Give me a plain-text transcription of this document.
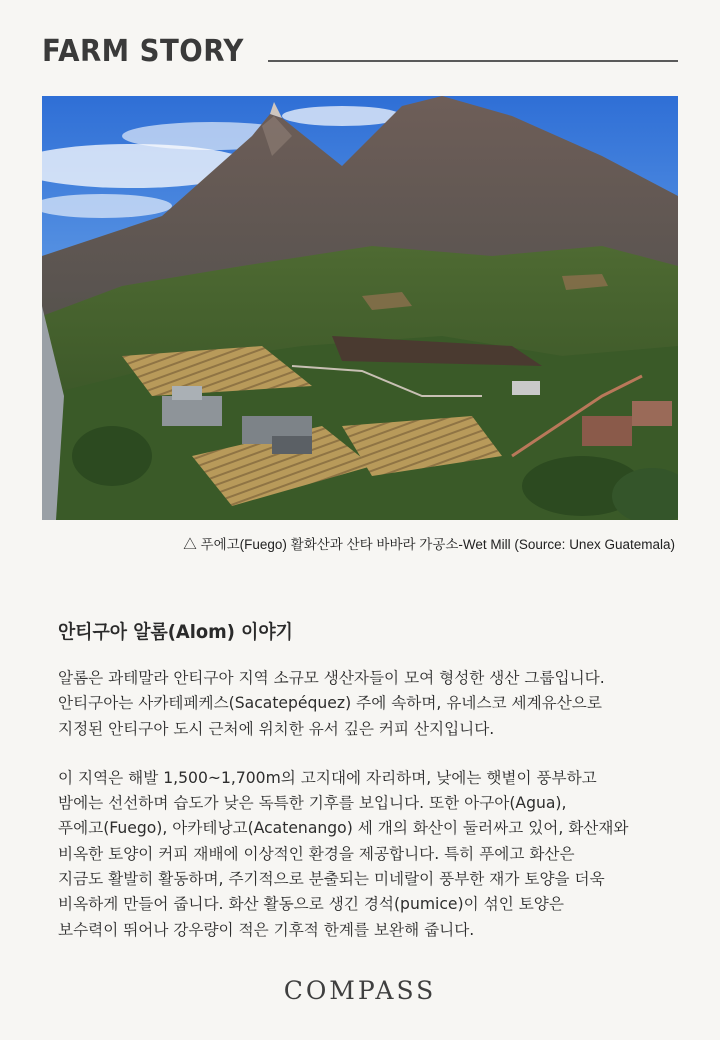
FARM STORY
△ 푸에고(Fuego) 활화산과 산타 바바라 가공소-Wet Mill (Source: Unex Guatemala)
안티구아 알롬(Alom) 이야기
알롬은 과테말라 안티구아 지역 소규모 생산자들이 모여 형성한 생산 그룹입니다.
안티구아는 사카테페케스(Sacatepéquez) 주에 속하며, 유네스코 세계유산으로
지정된 안티구아 도시 근처에 위치한 유서 깊은 커피 산지입니다.
이 지역은 해발 1,500~1,700m의 고지대에 자리하며, 낮에는 햇볕이 풍부하고
밤에는 선선하며 습도가 낮은 독특한 기후를 보입니다. 또한 아구아(Agua),
푸에고(Fuego), 아카테낭고(Acatenango) 세 개의 화산이 둘러싸고 있어, 화산재와
비옥한 토양이 커피 재배에 이상적인 환경을 제공합니다. 특히 푸에고 화산은
지금도 활발히 활동하며, 주기적으로 분출되는 미네랄이 풍부한 재가 토양을 더욱
비옥하게 만들어 줍니다. 화산 활동으로 생긴 경석(pumice)이 섞인 토양은
보수력이 뛰어나 강우량이 적은 기후적 한계를 보완해 줍니다.
COMPASS
